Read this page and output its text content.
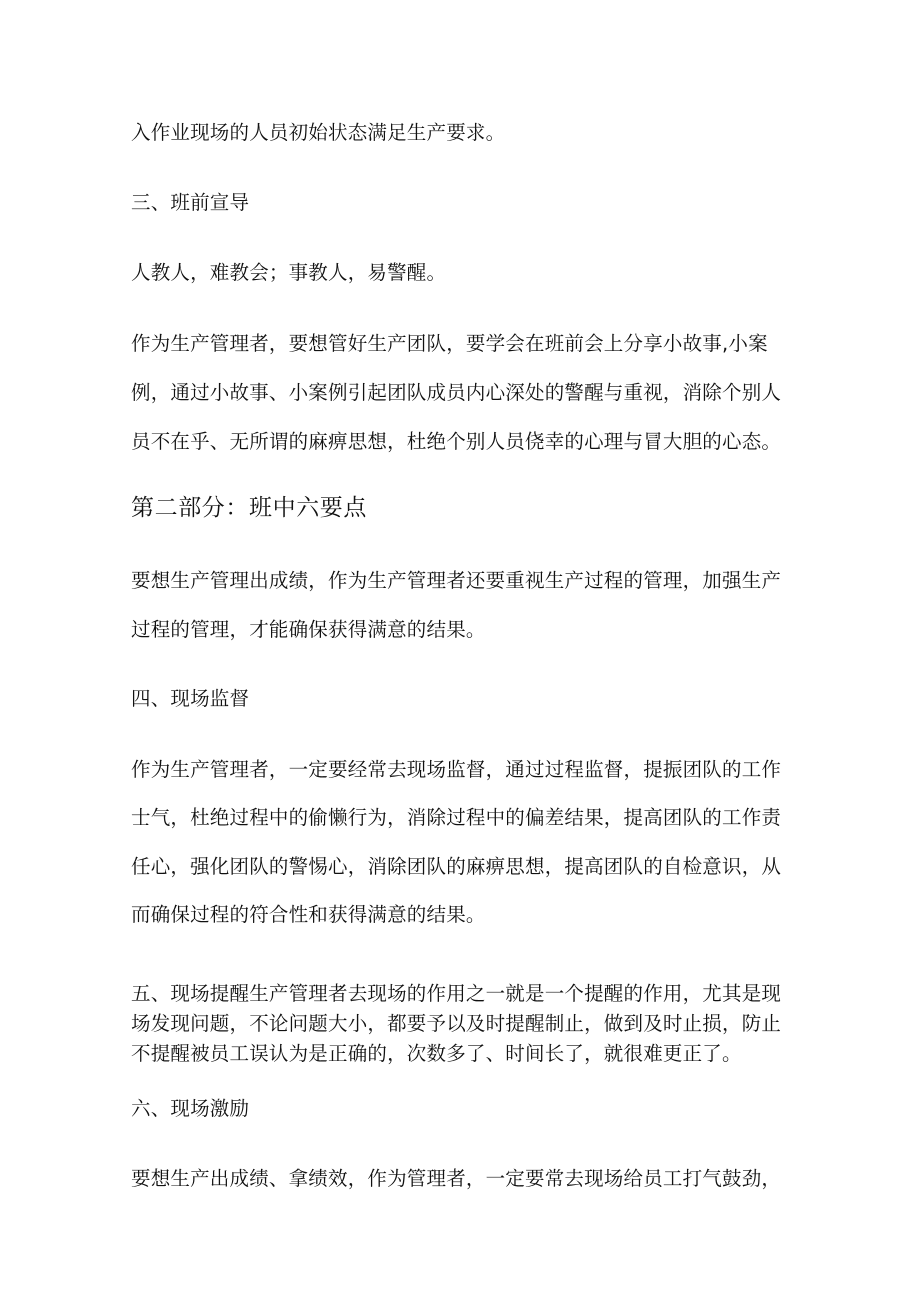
入作业现场的人员初始状态满足生产要求。
三、班前宣导
人教人，难教会；事教人，易警醒。
作为生产管理者，要想管好生产团队，要学会在班前会上分享小故事,小案
例，通过小故事、小案例引起团队成员内心深处的警醒与重视，消除个别人
员不在乎、无所谓的麻痹思想，杜绝个别人员侥幸的心理与冒大胆的心态。
第二部分：班中六要点
要想生产管理出成绩，作为生产管理者还要重视生产过程的管理，加强生产
过程的管理，才能确保获得满意的结果。
四、现场监督
作为生产管理者，一定要经常去现场监督，通过过程监督，提振团队的工作
士气，杜绝过程中的偷懒行为，消除过程中的偏差结果，提高团队的工作责
任心，强化团队的警惕心，消除团队的麻痹思想，提高团队的自检意识，从
而确保过程的符合性和获得满意的结果。
五、现场提醒生产管理者去现场的作用之一就是一个提醒的作用，尤其是现
场发现问题，不论问题大小，都要予以及时提醒制止，做到及时止损，防止
不提醒被员工误认为是正确的，次数多了、时间长了，就很难更正了。
六、现场激励
要想生产出成绩、拿绩效，作为管理者，一定要常去现场给员工打气鼓劲，
